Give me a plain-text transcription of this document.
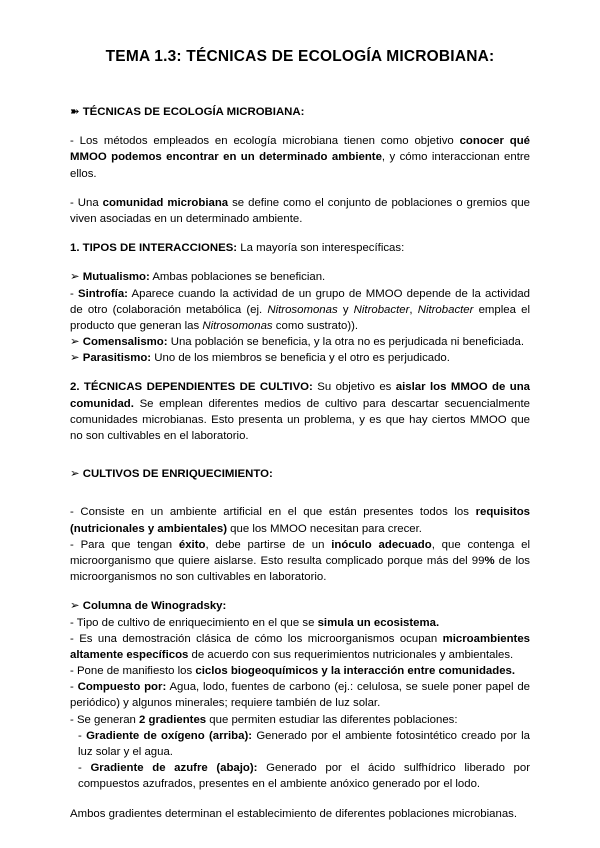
TEMA 1.3: TÉCNICAS DE ECOLOGÍA MICROBIANA:

➽ TÉCNICAS DE ECOLOGÍA MICROBIANA:

- Los métodos empleados en ecología microbiana tienen como objetivo conocer qué MMOO podemos encontrar en un determinado ambiente, y cómo interaccionan entre ellos.

- Una comunidad microbiana se define como el conjunto de poblaciones o gremios que viven asociadas en un determinado ambiente.

1. TIPOS DE INTERACCIONES: La mayoría son interespecíficas:

➢ Mutualismo: Ambas poblaciones se benefician.

- Sintrofía: Aparece cuando la actividad de un grupo de MMOO depende de la actividad de otro (colaboración metabólica (ej. Nitrosomonas y Nitrobacter, Nitrobacter emplea el producto que generan las Nitrosomonas como sustrato)).

➢ Comensalismo: Una población se beneficia, y la otra no es perjudicada ni beneficiada.

➢ Parasitismo: Uno de los miembros se beneficia y el otro es perjudicado.

2. TÉCNICAS DEPENDIENTES DE CULTIVO: Su objetivo es aislar los MMOO de una comunidad. Se emplean diferentes medios de cultivo para descartar secuencialmente comunidades microbianas. Esto presenta un problema, y es que hay ciertos MMOO que no son cultivables en el laboratorio.

➢ CULTIVOS DE ENRIQUECIMIENTO:

- Consiste en un ambiente artificial en el que están presentes todos los requisitos (nutricionales y ambientales) que los MMOO necesitan para crecer.

- Para que tengan éxito, debe partirse de un inóculo adecuado, que contenga el microorganismo que quiere aislarse. Esto resulta complicado porque más del 99% de los microorganismos no son cultivables en laboratorio.

➢ Columna de Winogradsky:

- Tipo de cultivo de enriquecimiento en el que se simula un ecosistema.

- Es una demostración clásica de cómo los microorganismos ocupan microambientes altamente específicos de acuerdo con sus requerimientos nutricionales y ambientales.

- Pone de manifiesto los ciclos biogeoquímicos y la interacción entre comunidades.

- Compuesto por: Agua, lodo, fuentes de carbono (ej.: celulosa, se suele poner papel de periódico) y algunos minerales; requiere también de luz solar.

- Se generan 2 gradientes que permiten estudiar las diferentes poblaciones:

- Gradiente de oxígeno (arriba): Generado por el ambiente fotosintético creado por la luz solar y el agua.

- Gradiente de azufre (abajo): Generado por el ácido sulfhídrico liberado por compuestos azufrados, presentes en el ambiente anóxico generado por el lodo.

Ambos gradientes determinan el establecimiento de diferentes poblaciones microbianas.
